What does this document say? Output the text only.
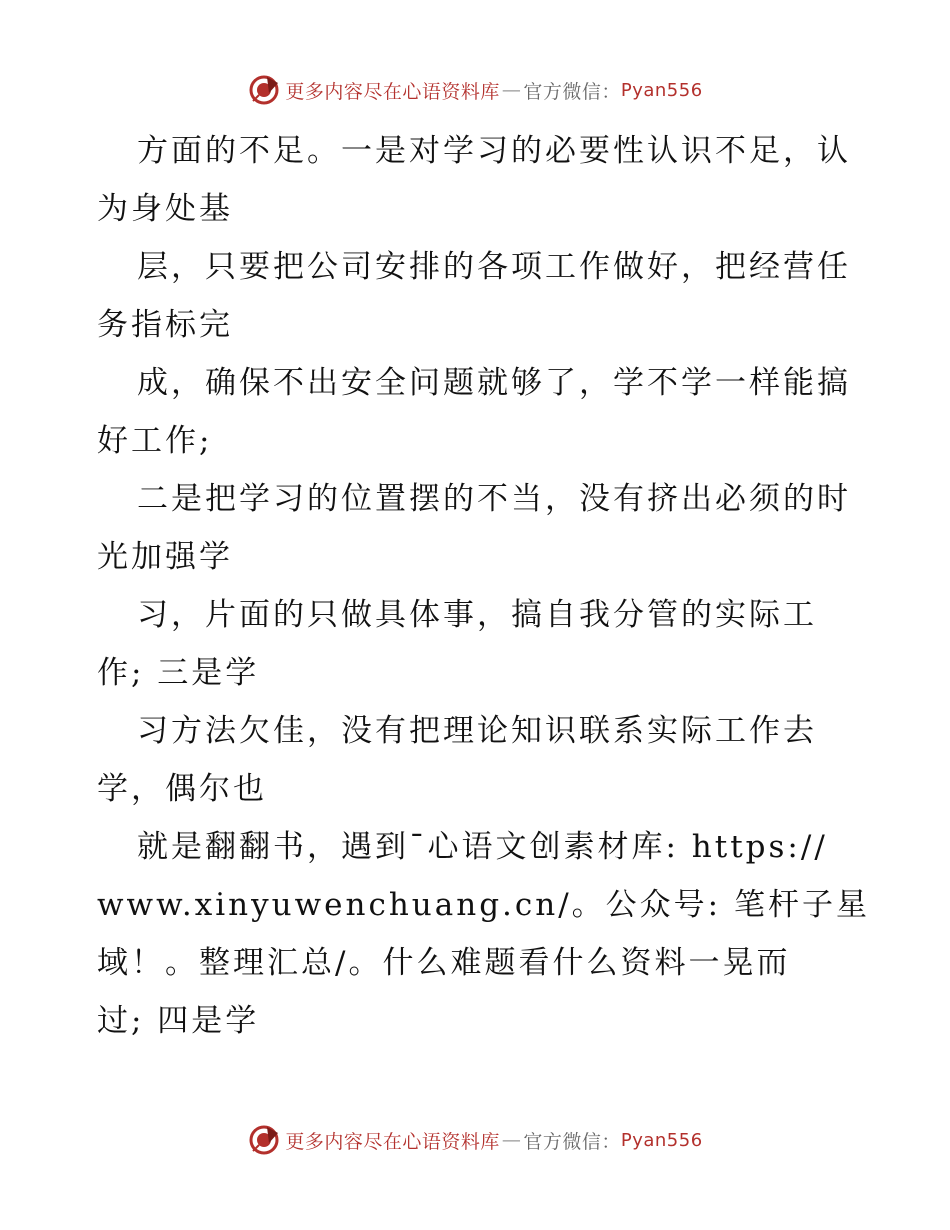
更多内容尽在心语资料库 — 官方微信： Pyan556
方面的不足。一是对学习的必要性认识不足，认
为身处基
层，只要把公司安排的各项工作做好，把经营任
务指标完
成，确保不出安全问题就够了，学不学一样能搞
好工作;
二是把学习的位置摆的不当，没有挤出必须的时
光加强学
习，片面的只做具体事，搞自我分管的实际工
作; 三是学
习方法欠佳，没有把理论知识联系实际工作去
学，偶尔也
就是翻翻书，遇到¯心语文创素材库: https://
www.xinyuwenchuang.cn/。公众号: 笔杆子星
域！。整理汇总/。什么难题看什么资料一晃而
过; 四是学
更多内容尽在心语资料库 — 官方微信： Pyan556
